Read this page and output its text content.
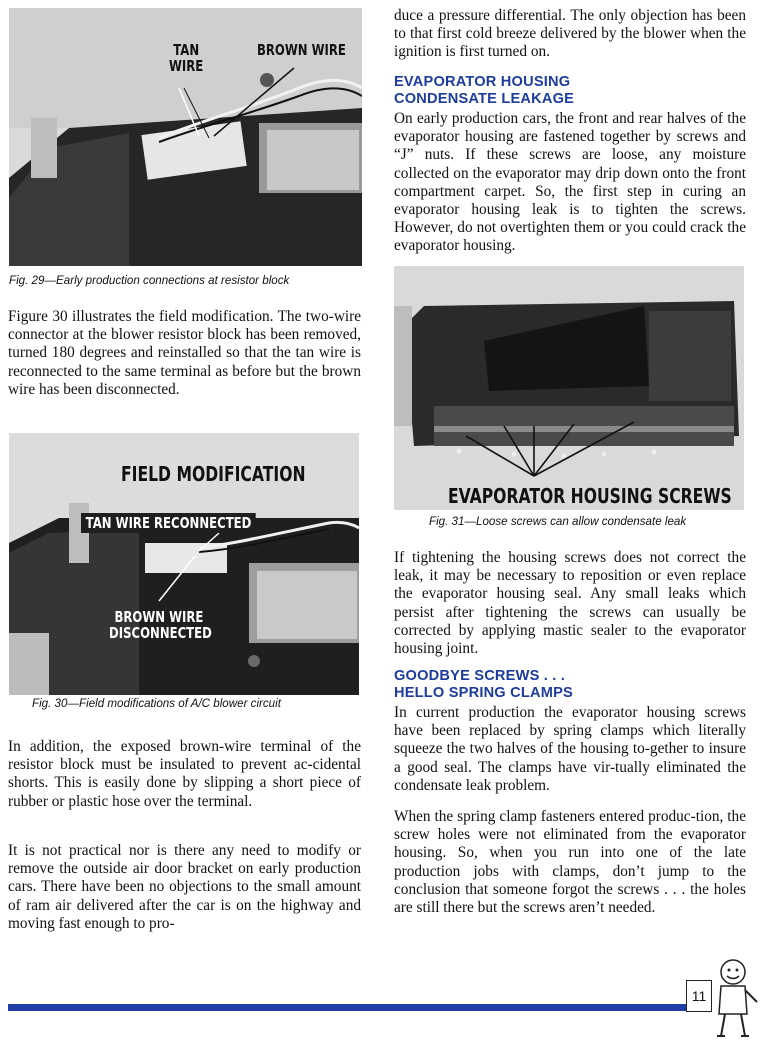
TAN WIRE
BROWN WIRE

Fig. 29—Early production connections at resistor block

Figure 30 illustrates the field modification. The two-wire connector at the blower resistor block has been removed, turned 180 degrees and reinstalled so that the tan wire is reconnected to the same terminal as before but the brown wire has been disconnected.

FIELD MODIFICATION
TAN WIRE RECONNECTED
BROWN WIRE DISCONNECTED

Fig. 30—Field modifications of A/C blower circuit

In addition, the exposed brown-wire terminal of the resistor block must be insulated to prevent ac-cidental shorts. This is easily done by slipping a short piece of rubber or plastic hose over the terminal.

It is not practical nor is there any need to modify or remove the outside air door bracket on early production cars. There have been no objections to the small amount of ram air delivered after the car is on the highway and moving fast enough to pro-

duce a pressure differential. The only objection has been to that first cold breeze delivered by the blower when the ignition is first turned on.

EVAPORATOR HOUSING CONDENSATE LEAKAGE

On early production cars, the front and rear halves of the evaporator housing are fastened together by screws and “J” nuts. If these screws are loose, any moisture collected on the evaporator may drip down onto the front compartment carpet. So, the first step in curing an evaporator housing leak is to tighten the screws. However, do not overtighten them or you could crack the evaporator housing.

EVAPORATOR HOUSING SCREWS

Fig. 31—Loose screws can allow condensate leak

If tightening the housing screws does not correct the leak, it may be necessary to reposition or even replace the evaporator housing seal. Any small leaks which persist after tightening the screws can usually be corrected by applying mastic sealer to the evaporator housing joint.

GOODBYE SCREWS . . . HELLO SPRING CLAMPS

In current production the evaporator housing screws have been replaced by spring clamps which literally squeeze the two halves of the housing to-gether to insure a good seal. The clamps have vir-tually eliminated the condensate leak problem.

When the spring clamp fasteners entered produc-tion, the screw holes were not eliminated from the evaporator housing. So, when you run into one of the late production jobs with clamps, don’t jump to the conclusion that someone forgot the screws . . . the holes are still there but the screws aren’t needed.

11
